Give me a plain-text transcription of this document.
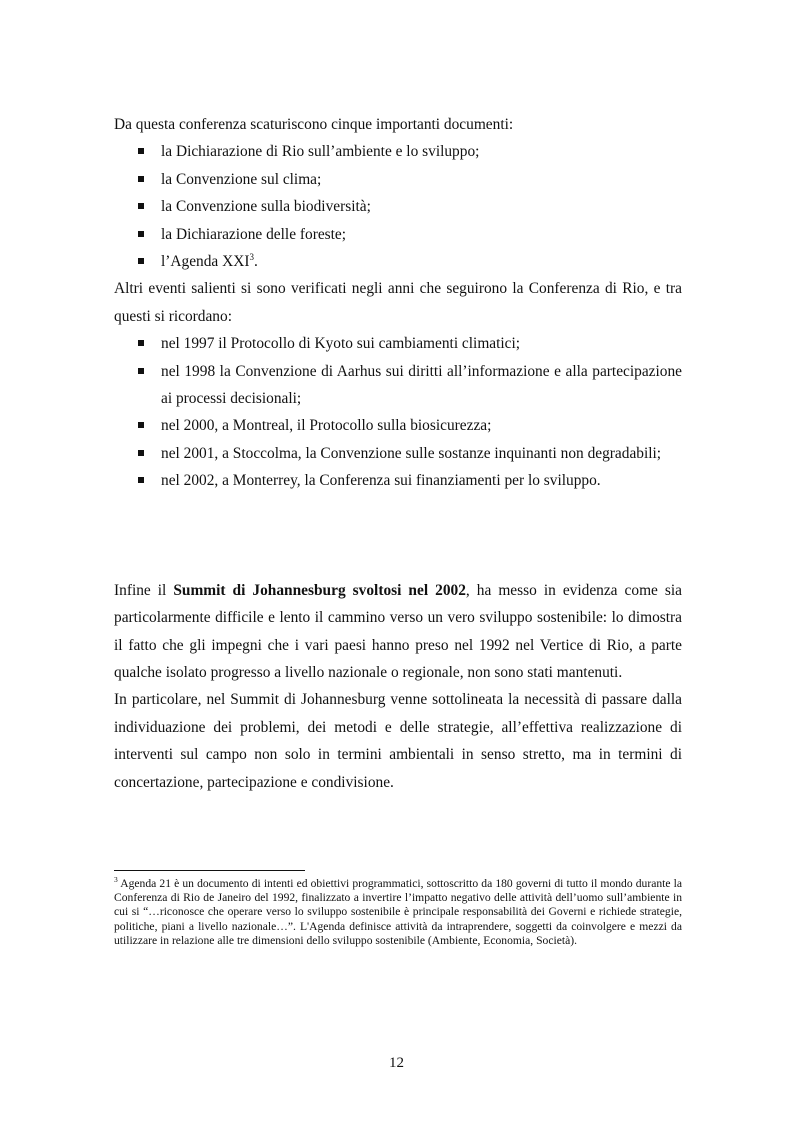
Da questa conferenza scaturiscono cinque importanti documenti:

la Dichiarazione di Rio sull’ambiente e lo sviluppo;
la Convenzione sul clima;
la Convenzione sulla biodiversità;
la Dichiarazione delle foreste;
l’Agenda XXI$^3$.

Altri eventi salienti si sono verificati negli anni che seguirono la Conferenza di Rio, e tra questi si ricordano:

nel 1997 il Protocollo di Kyoto sui cambiamenti climatici;
nel 1998 la Convenzione di Aarhus sui diritti all’informazione e alla partecipazione ai processi decisionali;
nel 2000, a Montreal, il Protocollo sulla biosicurezza;
nel 2001, a Stoccolma, la Convenzione sulle sostanze inquinanti non degradabili;
nel 2002, a Monterrey, la Conferenza sui finanziamenti per lo sviluppo.

Infine il Summit di Johannesburg svoltosi nel 2002, ha messo in evidenza come sia particolarmente difficile e lento il cammino verso un vero sviluppo sostenibile: lo dimostra il fatto che gli impegni che i vari paesi hanno preso nel 1992 nel Vertice di Rio, a parte qualche isolato progresso a livello nazionale o regionale, non sono stati mantenuti.

In particolare, nel Summit di Johannesburg venne sottolineata la necessità di passare dalla individuazione dei problemi, dei metodi e delle strategie, all’effettiva realizzazione di interventi sul campo non solo in termini ambientali in senso stretto, ma in termini di concertazione, partecipazione e condivisione.

$^3$ Agenda 21 è un documento di intenti ed obiettivi programmatici, sottoscritto da 180 governi di tutto il mondo durante la Conferenza di Rio de Janeiro del 1992, finalizzato a invertire l’impatto negativo delle attività dell’uomo sull’ambiente in cui si “…riconosce che operare verso lo sviluppo sostenibile è principale responsabilità dei Governi e richiede strategie, politiche, piani a livello nazionale…”. L'Agenda definisce attività da intraprendere, soggetti da coinvolgere e mezzi da utilizzare in relazione alle tre dimensioni dello sviluppo sostenibile (Ambiente, Economia, Società).
12
